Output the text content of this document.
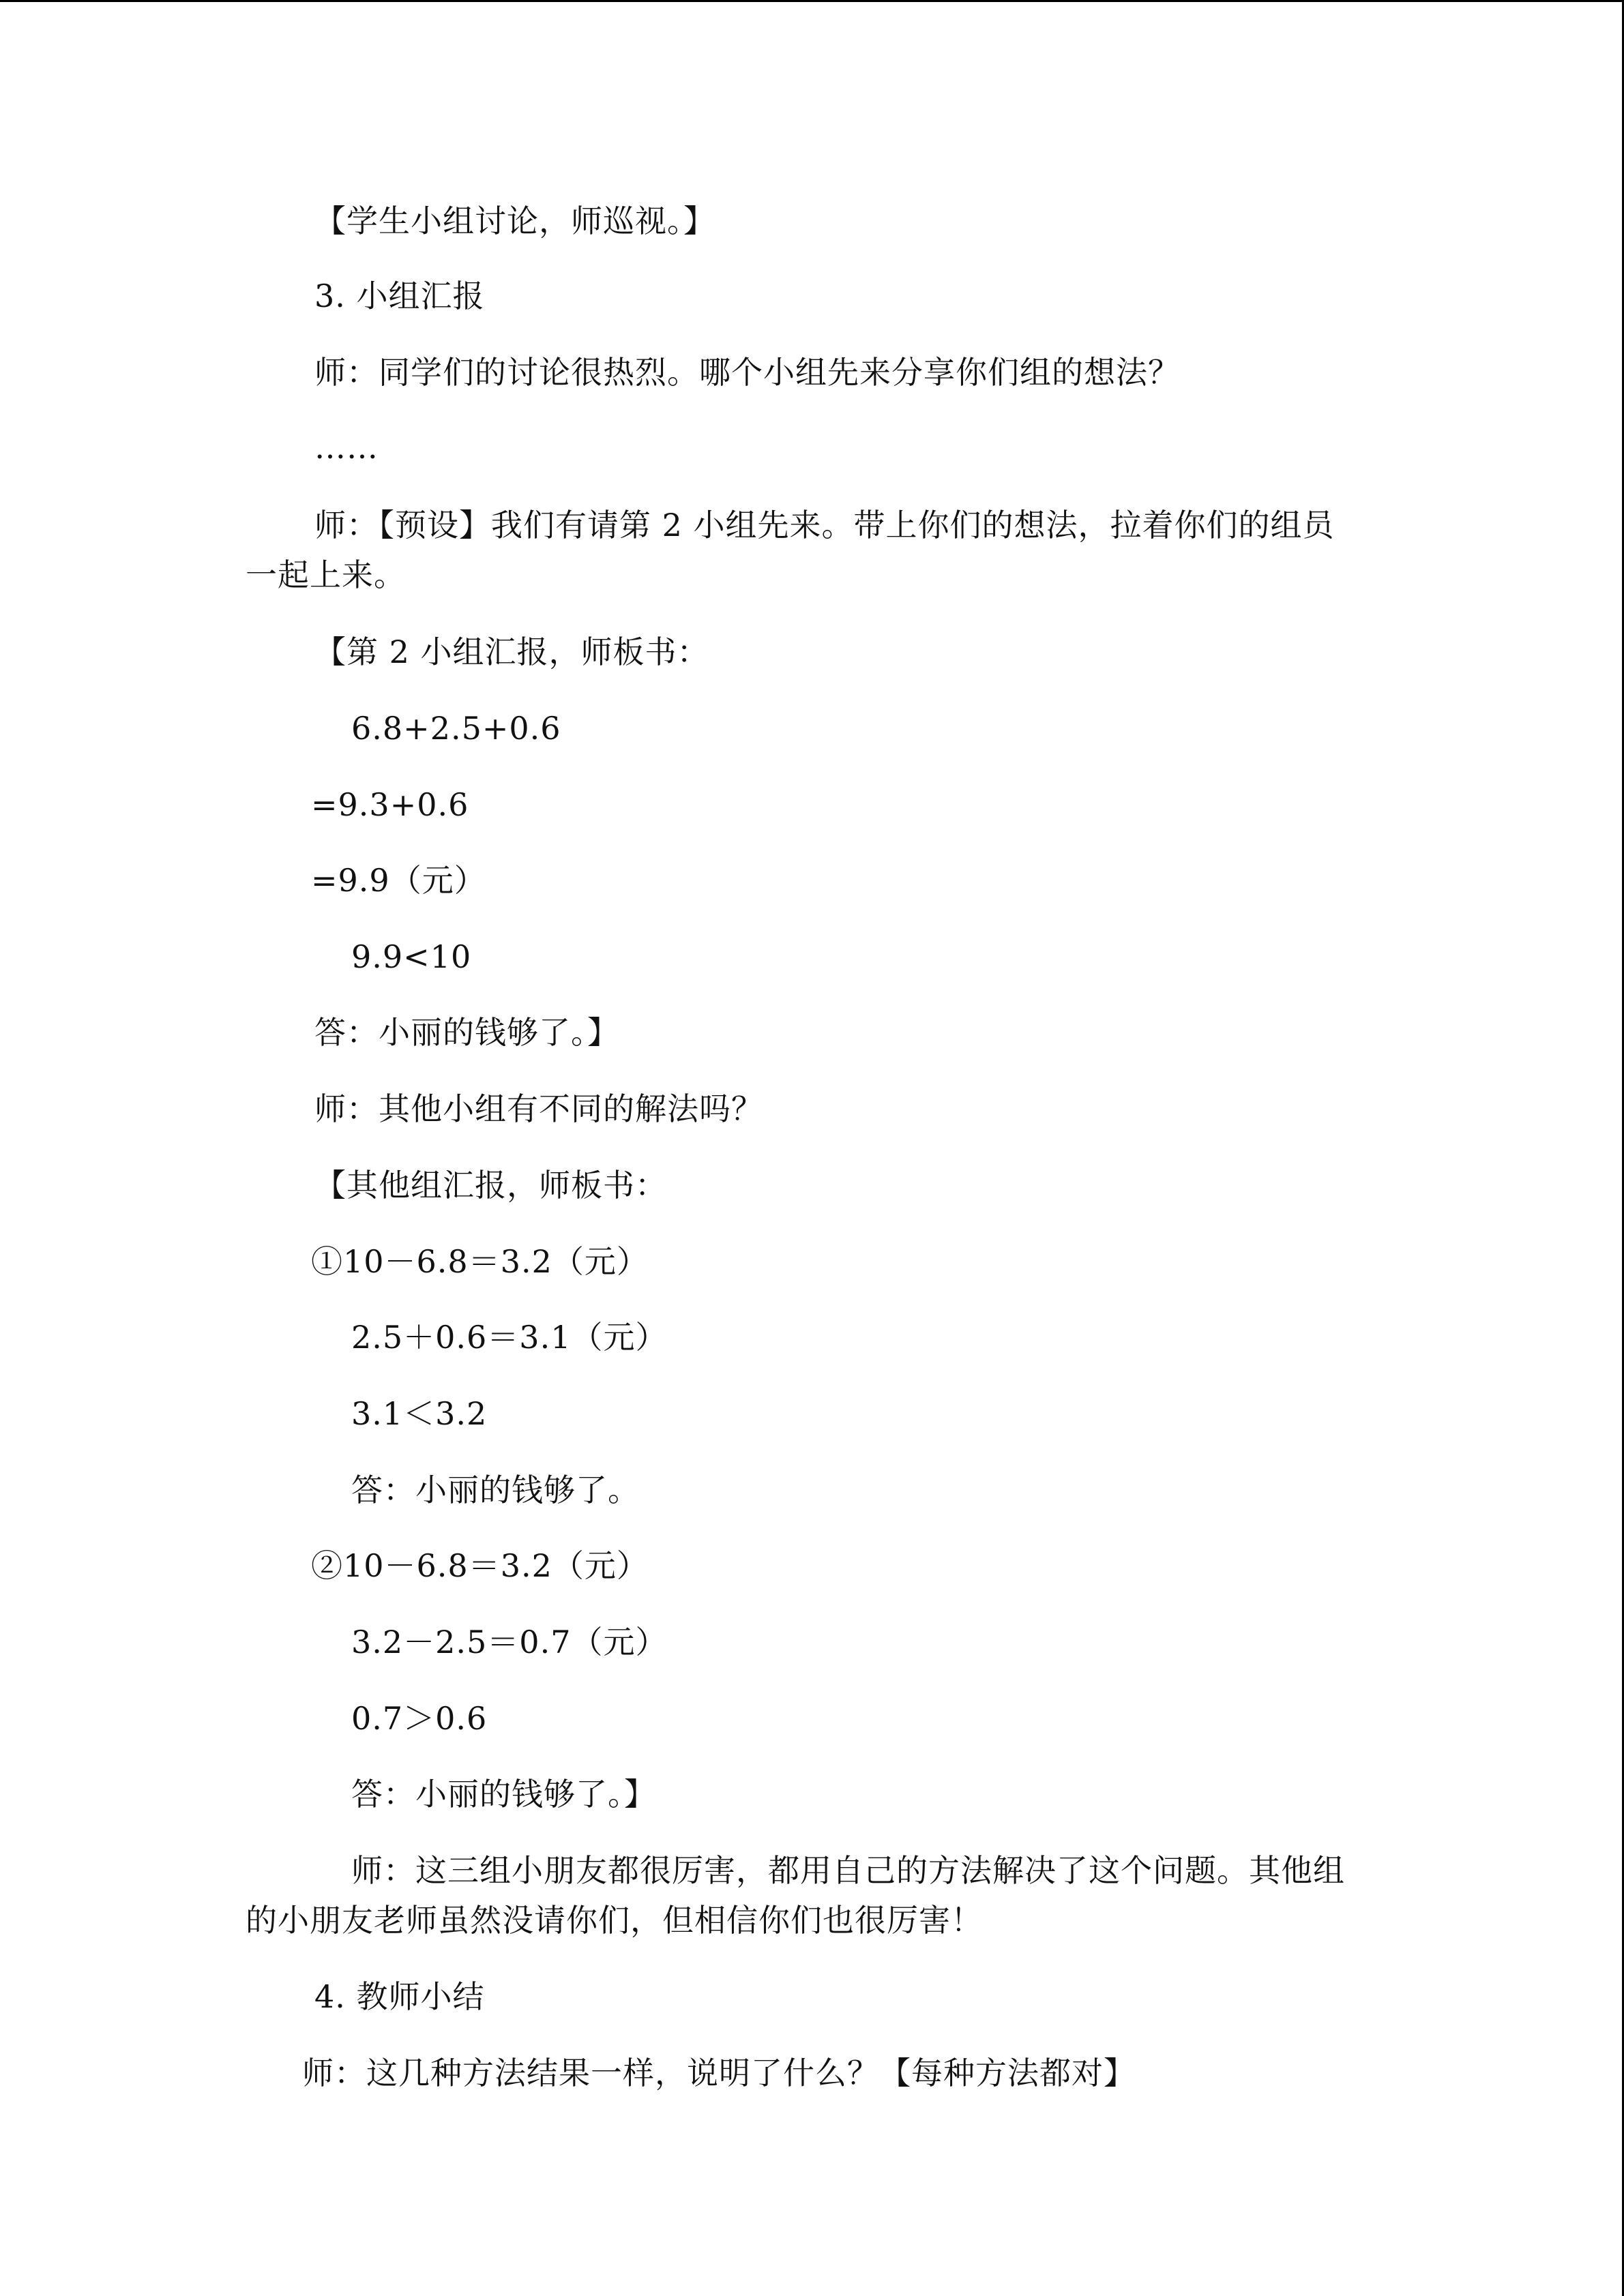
【学生小组讨论，师巡视。】
3. 小组汇报
师：同学们的讨论很热烈。哪个小组先来分享你们组的想法？
……
师：【预设】我们有请第 2 小组先来。带上你们的想法，拉着你们的组员
一起上来。
【第 2 小组汇报，师板书：
6.8+2.5+0.6
=9.3+0.6
=9.9（元）
9.9<10
答：小丽的钱够了。】
师：其他小组有不同的解法吗？
【其他组汇报，师板书：
①10－6.8＝3.2（元）
2.5＋0.6＝3.1（元）
3.1＜3.2
答：小丽的钱够了。
②10－6.8＝3.2（元）
3.2－2.5＝0.7（元）
0.7＞0.6
答：小丽的钱够了。】
师：这三组小朋友都很厉害，都用自己的方法解决了这个问题。其他组
的小朋友老师虽然没请你们，但相信你们也很厉害！
4. 教师小结
师：这几种方法结果一样，说明了什么？【每种方法都对】
